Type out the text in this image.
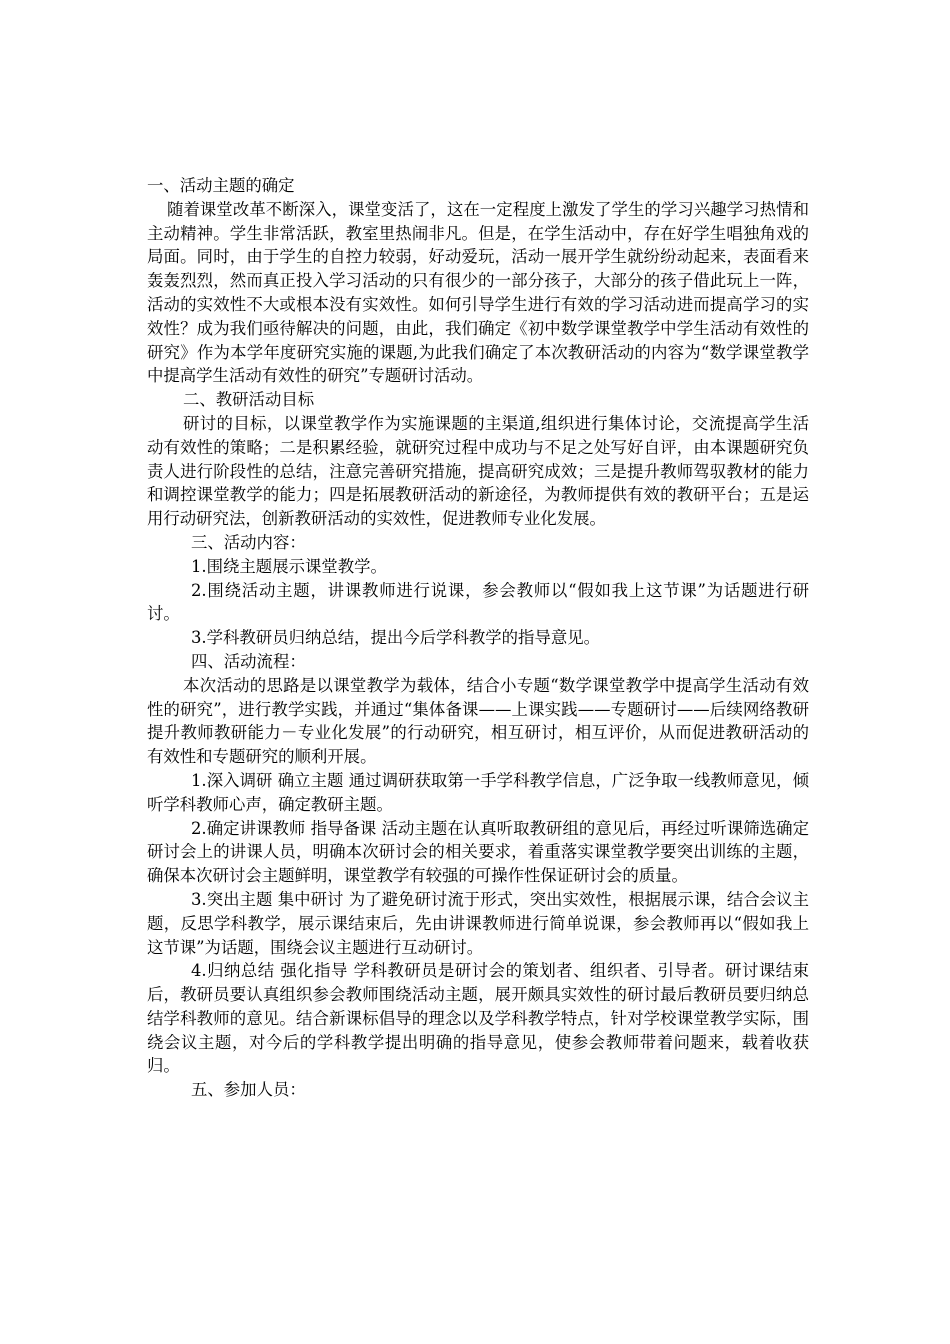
一、活动主题的确定

随着课堂改革不断深入，课堂变活了，这在一定程度上激发了学生的学习兴趣学习热情和主动精神。学生非常活跃，教室里热闹非凡。但是，在学生活动中，存在好学生唱独角戏的局面。同时，由于学生的自控力较弱，好动爱玩，活动一展开学生就纷纷动起来，表面看来轰轰烈烈，然而真正投入学习活动的只有很少的一部分孩子，大部分的孩子借此玩上一阵，活动的实效性不大或根本没有实效性。如何引导学生进行有效的学习活动进而提高学习的实效性？成为我们亟待解决的问题，由此，我们确定《初中数学课堂教学中学生活动有效性的研究》作为本学年度研究实施的课题,为此我们确定了本次教研活动的内容为“数学课堂教学中提高学生活动有效性的研究”专题研讨活动。

二、教研活动目标

研讨的目标，以课堂教学作为实施课题的主渠道,组织进行集体讨论，交流提高学生活动有效性的策略；二是积累经验，就研究过程中成功与不足之处写好自评，由本课题研究负责人进行阶段性的总结，注意完善研究措施，提高研究成效；三是提升教师驾驭教材的能力和调控课堂教学的能力；四是拓展教研活动的新途径，为教师提供有效的教研平台；五是运用行动研究法，创新教研活动的实效性，促进教师专业化发展。

三、活动内容：

1.围绕主题展示课堂教学。

2.围绕活动主题，讲课教师进行说课，参会教师以“假如我上这节课”为话题进行研讨。

3.学科教研员归纳总结，提出今后学科教学的指导意见。

四、活动流程：

本次活动的思路是以课堂教学为载体，结合小专题“数学课堂教学中提高学生活动有效性的研究”，进行教学实践，并通过“集体备课——上课实践——专题研讨——后续网络教研提升教师教研能力－专业化发展”的行动研究，相互研讨，相互评价，从而促进教研活动的有效性和专题研究的顺利开展。

1.深入调研 确立主题 通过调研获取第一手学科教学信息，广泛争取一线教师意见，倾听学科教师心声，确定教研主题。

2.确定讲课教师 指导备课 活动主题在认真听取教研组的意见后，再经过听课筛选确定研讨会上的讲课人员，明确本次研讨会的相关要求，着重落实课堂教学要突出训练的主题，确保本次研讨会主题鲜明，课堂教学有较强的可操作性保证研讨会的质量。

3.突出主题 集中研讨 为了避免研讨流于形式，突出实效性，根据展示课，结合会议主题，反思学科教学，展示课结束后，先由讲课教师进行简单说课，参会教师再以“假如我上这节课”为话题，围绕会议主题进行互动研讨。

4.归纳总结 强化指导 学科教研员是研讨会的策划者、组织者、引导者。研讨课结束后，教研员要认真组织参会教师围绕活动主题，展开颇具实效性的研讨最后教研员要归纳总结学科教师的意见。结合新课标倡导的理念以及学科教学特点，针对学校课堂教学实际，围绕会议主题，对今后的学科教学提出明确的指导意见，使参会教师带着问题来，载着收获归。

五、参加人员：
